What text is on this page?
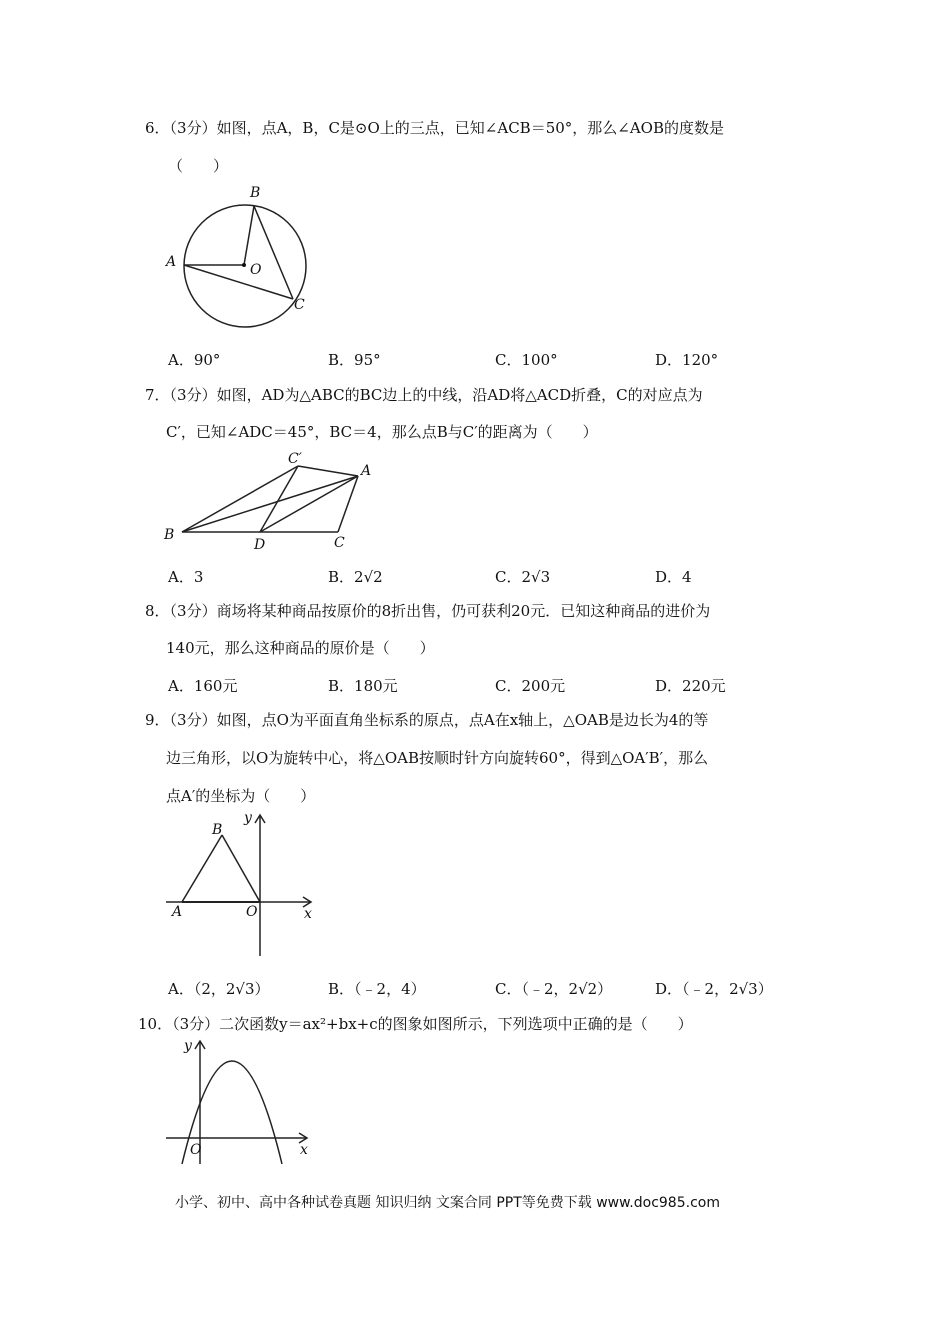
6．（3分）如图，点A，B，C是⊙O上的三点，已知∠ACB＝50°，那么∠AOB的度数是
（　　）
A
B
O
C
A．90°	B．95°	C．100°	D．120°
7．（3分）如图，AD为△ABC的BC边上的中线，沿AD将△ACD折叠，C的对应点为
C′，已知∠ADC＝45°，BC＝4，那么点B与C′的距离为（　　）
C′
A
B
D	C
A．3	B．2√2	C．2√3	D．4
8．（3分）商场将某种商品按原价的8折出售，仍可获利20元．已知这种商品的进价为
140元，那么这种商品的原价是（　　）
A．160元	B．180元	C．200元	D．220元
9．（3分）如图，点O为平面直角坐标系的原点，点A在x轴上，△OAB是边长为4的等
边三角形，以O为旋转中心，将△OAB按顺时针方向旋转60°，得到△OA′B′，那么
点A′的坐标为（　　）
B
y
A	O	x
A．（2，2√3）	B．（﹣2，4）	C．（﹣2，2√2）	D．（﹣2，2√3）
10．（3分）二次函数y＝ax²+bx+c的图象如图所示，下列选项中正确的是（　　）
y
O	x
小学、初中、高中各种试卷真题 知识归纳 文案合同 PPT等免费下载 www.doc985.com
